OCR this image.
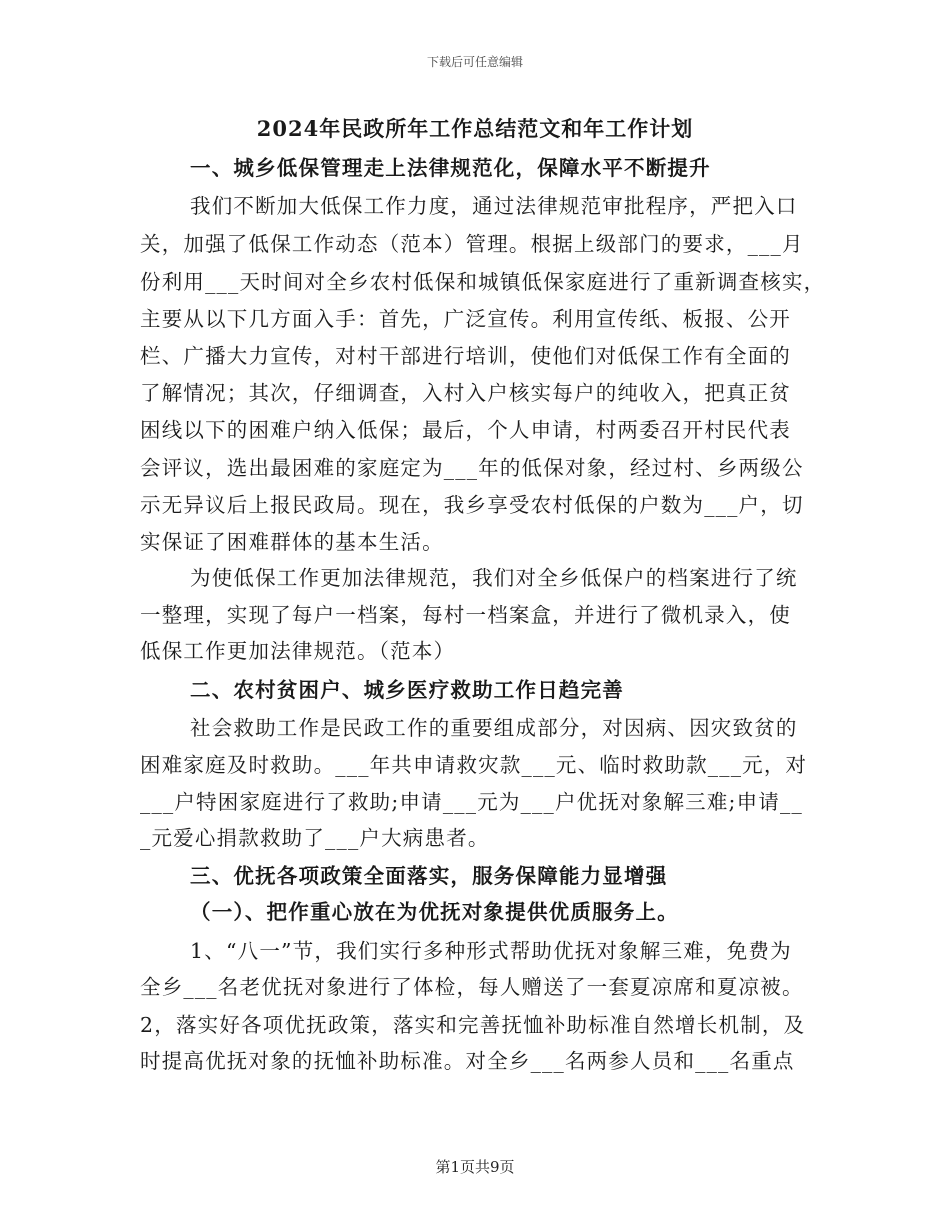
下载后可任意编辑
2024年民政所年工作总结范文和年工作计划
一、城乡低保管理走上法律规范化，保障水平不断提升
我们不断加大低保工作力度，通过法律规范审批程序，严把入口
关，加强了低保工作动态（范本）管理。根据上级部门的要求，___月
份利用___天时间对全乡农村低保和城镇低保家庭进行了重新调查核实，
主要从以下几方面入手：首先，广泛宣传。利用宣传纸、板报、公开
栏、广播大力宣传，对村干部进行培训，使他们对低保工作有全面的
了解情况；其次，仔细调查，入村入户核实每户的纯收入，把真正贫
困线以下的困难户纳入低保；最后，个人申请，村两委召开村民代表
会评议，选出最困难的家庭定为___年的低保对象，经过村、乡两级公
示无异议后上报民政局。现在，我乡享受农村低保的户数为___户，切
实保证了困难群体的基本生活。
为使低保工作更加法律规范，我们对全乡低保户的档案进行了统
一整理，实现了每户一档案，每村一档案盒，并进行了微机录入，使
低保工作更加法律规范。（范本）
二、农村贫困户、城乡医疗救助工作日趋完善
社会救助工作是民政工作的重要组成部分，对因病、因灾致贫的
困难家庭及时救助。___年共申请救灾款___元、临时救助款___元，对
___户特困家庭进行了救助;申请___元为___户优抚对象解三难;申请__
_元爱心捐款救助了___户大病患者。
三、优抚各项政策全面落实，服务保障能力显增强
（一）、把作重心放在为优抚对象提供优质服务上。
1、“八一”节，我们实行多种形式帮助优抚对象解三难，免费为
全乡___名老优抚对象进行了体检，每人赠送了一套夏凉席和夏凉被。
2，落实好各项优抚政策，落实和完善抚恤补助标准自然增长机制，及
时提高优抚对象的抚恤补助标准。对全乡___名两参人员和___名重点
第1页共9页
